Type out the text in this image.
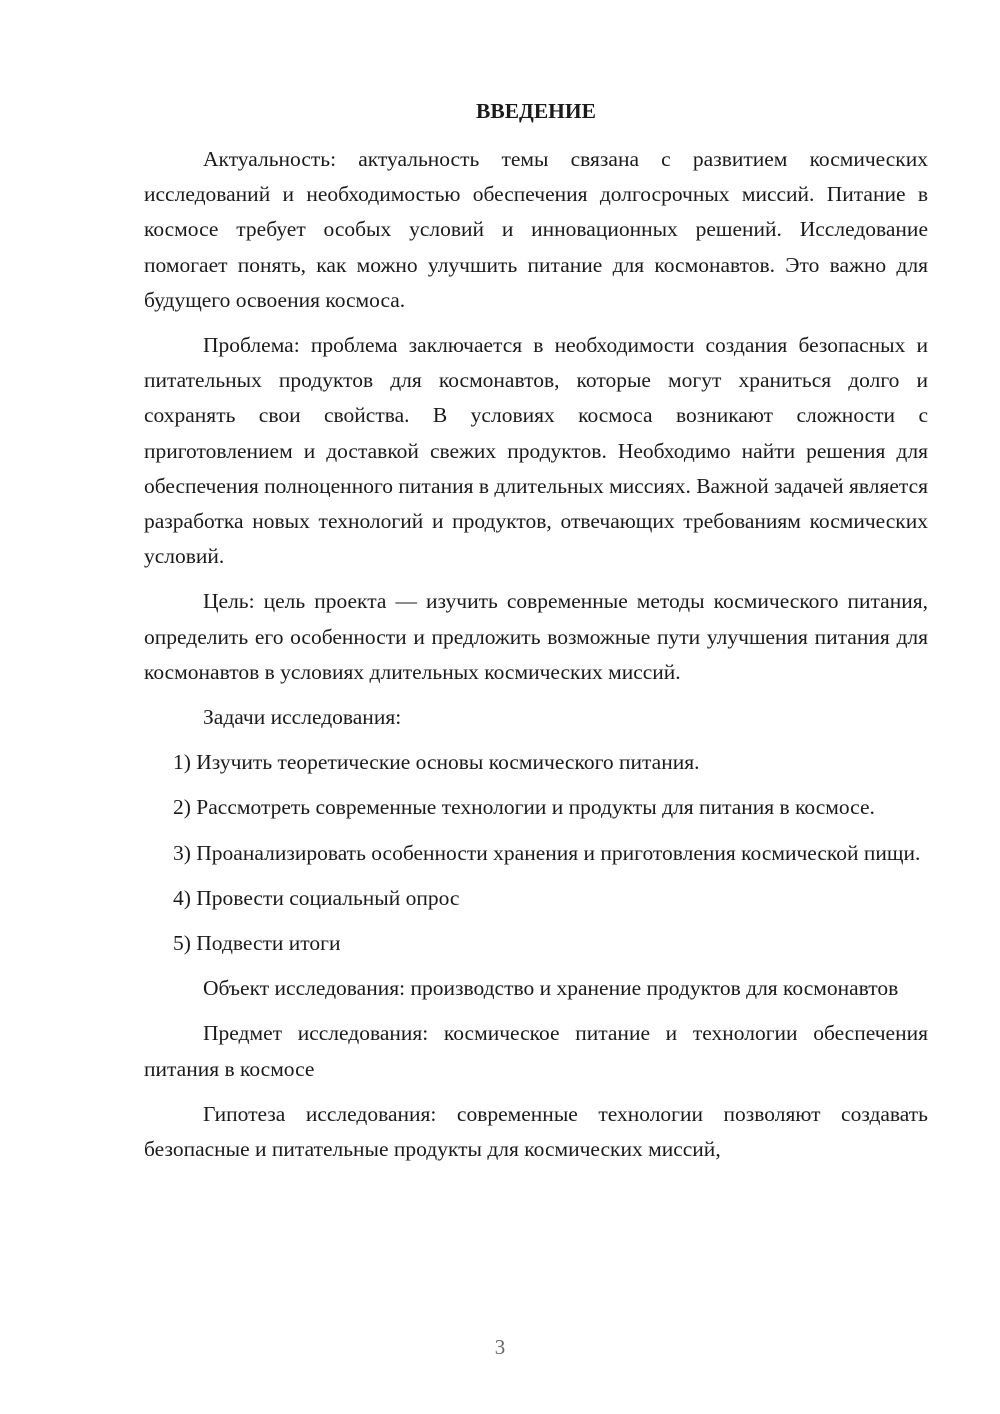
ВВЕДЕНИЕ

Актуальность: актуальность темы связана с развитием космических исследований и необходимостью обеспечения долгосрочных миссий. Питание в космосе требует особых условий и инновационных решений. Исследование помогает понять, как можно улучшить питание для космонавтов. Это важно для будущего освоения космоса.

Проблема: проблема заключается в необходимости создания безопасных и питательных продуктов для космонавтов, которые могут храниться долго и сохранять свои свойства. В условиях космоса возникают сложности с приготовлением и доставкой свежих продуктов. Необходимо найти решения для обеспечения полноценного питания в длительных миссиях. Важной задачей является разработка новых технологий и продуктов, отвечающих требованиям космических условий.

Цель: цель проекта — изучить современные методы космического питания, определить его особенности и предложить возможные пути улучшения питания для космонавтов в условиях длительных космических миссий.

Задачи исследования:

1) Изучить теоретические основы космического питания.

2) Рассмотреть современные технологии и продукты для питания в космосе.

3) Проанализировать особенности хранения и приготовления космической пищи.

4) Провести социальный опрос

5) Подвести итоги

Объект исследования: производство и хранение продуктов для космонавтов

Предмет исследования: космическое питание и технологии обеспечения питания в космосе

Гипотеза исследования: современные технологии позволяют создавать безопасные и питательные продукты для космических миссий,

3
